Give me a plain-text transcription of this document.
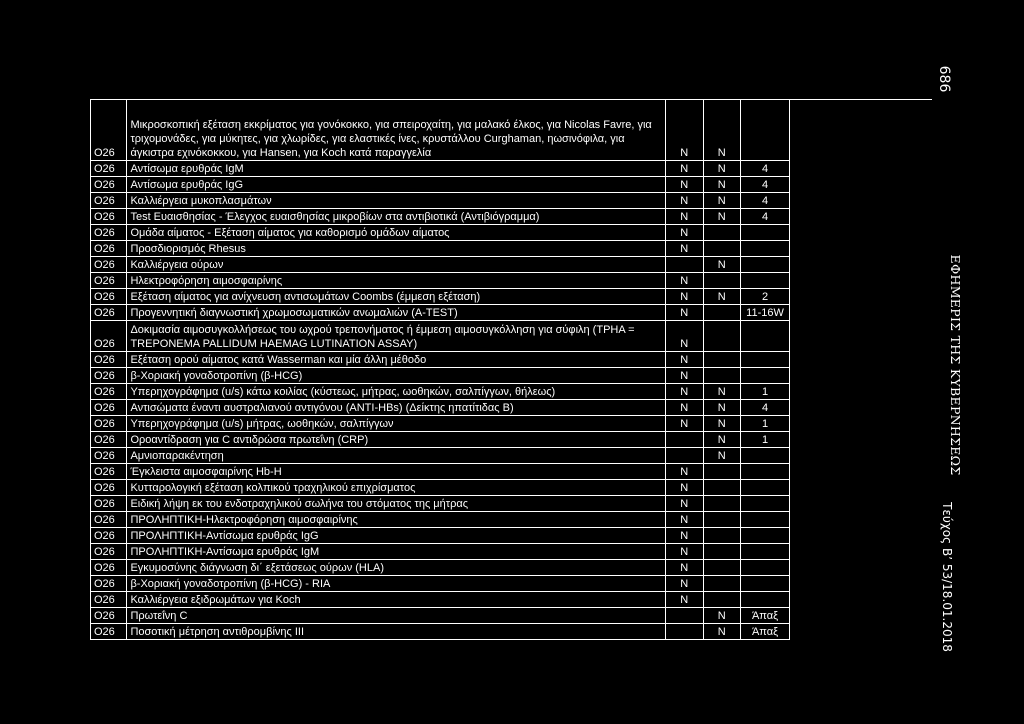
686
ΕΦΗΜΕΡΙΣ ΤΗΣ ΚΥΒΕΡΝΗΣΕΩΣ
Τεύχος Β’ 53/18.01.2018
O26	Μικροσκοπική εξέταση εκκρίματος για γονόκοκκο, για σπειροχαίτη, για μαλακό έλκος, για Nicolas Favre, για τριχομονάδες, για μύκητες, για χλωρίδες, για ελαστικές ίνες, κρυστάλλου Curghaman, ηωσινόφιλα, για άγκιστρα εχινόκοκκου, για Hansen, για Koch κατά παραγγελία	N	N	
O26	Αντίσωμα ερυθράς IgM	N	N	4
O26	Αντίσωμα ερυθράς IgG	N	N	4
O26	Καλλιέργεια μυκοπλασμάτων	N	N	4
O26	Test Ευαισθησίας - Έλεγχος ευαισθησίας μικροβίων στα αντιβιοτικά (Αντιβιόγραμμα)	N	N	4
O26	Ομάδα αίματος - Εξέταση αίματος για καθορισμό ομάδων αίματος	N		
O26	Προσδιορισμός Rhesus	N		
O26	Καλλιέργεια ούρων		N	
O26	Ηλεκτροφόρηση αιμοσφαιρίνης	N		
O26	Εξέταση αίματος για ανίχνευση αντισωμάτων Coombs (έμμεση εξέταση)	N	N	2
O26	Προγεννητική διαγνωστική χρωμοσωματικών ανωμαλιών (A-TEST)	N		11-16W
O26	Δοκιμασία αιμοσυγκολλήσεως του ωχρού τρεπονήματος ή έμμεση αιμοσυγκόλληση για σύφιλη (TPHA = TREPONEMA PALLIDUM HAEMAG LUTINATION ASSAY)	N		
O26	Εξέταση ορού αίματος κατά Wasserman και μία άλλη μέθοδο	N		
O26	β-Χοριακή γοναδοτροπίνη (β-HCG)	N		
O26	Υπερηχογράφημα (u/s) κάτω κοιλίας (κύστεως, μήτρας, ωοθηκών, σαλπίγγων, θήλεως)	N	N	1
O26	Αντισώματα έναντι αυστραλιανού αντιγόνου (ANTI-HBs) (Δείκτης ηπατίτιδας Β)	N	N	4
O26	Υπερηχογράφημα (u/s) μήτρας, ωοθηκών, σαλπίγγων	N	N	1
O26	Οροαντίδραση για C αντιδρώσα πρωτεΐνη (CRP)		N	1
O26	Αμνιοπαρακέντηση		N	
O26	Έγκλειστα αιμοσφαιρίνης Hb-H	N		
O26	Κυτταρολογική εξέταση κολπικού τραχηλικού επιχρίσματος	N		
O26	Ειδική λήψη εκ του ενδοτραχηλικού σωλήνα του στόματος της μήτρας	N		
O26	ΠΡΟΛΗΠΤΙΚΗ-Ηλεκτροφόρηση αιμοσφαιρίνης	N		
O26	ΠΡΟΛΗΠΤΙΚΗ-Αντίσωμα ερυθράς IgG	N		
O26	ΠΡΟΛΗΠΤΙΚΗ-Αντίσωμα ερυθράς IgM	N		
O26	Εγκυμοσύνης διάγνωση δι΄ εξετάσεως ούρων (HLA)	N		
O26	β-Χοριακή γοναδοτροπίνη (β-HCG) - RIA	N		
O26	Καλλιέργεια εξιδρωμάτων για Koch	N		
O26	Πρωτεΐνη C		N	Άπαξ
O26	Ποσοτική μέτρηση αντιθρομβίνης ΙΙΙ		N	Άπαξ
